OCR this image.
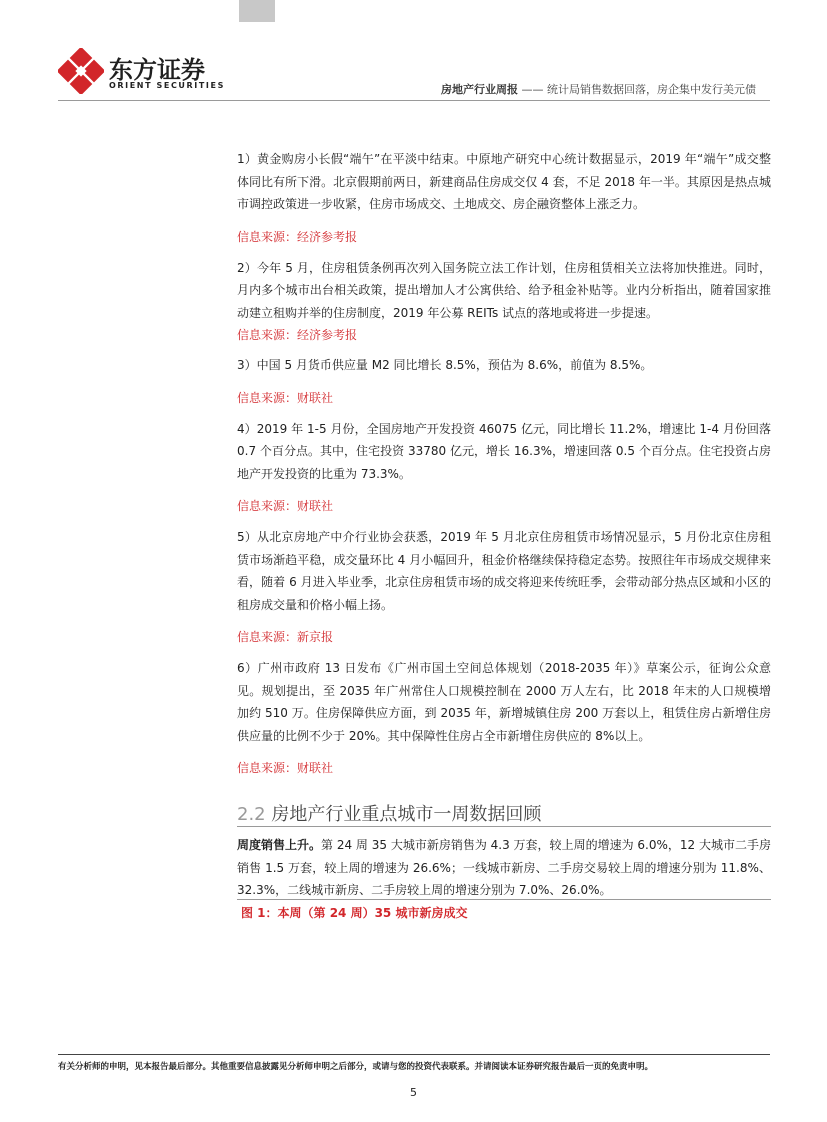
东方证券
ORIENT SECURITIES	房地产行业周报 —— 统计局销售数据回落，房企集中发行美元债

1）黄金购房小长假“端午”在平淡中结束。中原地产研究中心统计数据显示，2019 年“端午”成交整体同比有所下滑。北京假期前两日，新建商品住房成交仅 4 套，不足 2018 年一半。其原因是热点城市调控政策进一步收紧，住房市场成交、土地成交、房企融资整体上涨乏力。

信息来源：经济参考报

2）今年 5 月，住房租赁条例再次列入国务院立法工作计划，住房租赁相关立法将加快推进。同时，月内多个城市出台相关政策，提出增加人才公寓供给、给予租金补贴等。业内分析指出，随着国家推动建立租购并举的住房制度，2019 年公募 REITs 试点的落地或将进一步提速。

信息来源：经济参考报

3）中国 5 月货币供应量 M2 同比增长 8.5%，预估为 8.6%，前值为 8.5%。

信息来源：财联社

4）2019 年 1-5 月份，全国房地产开发投资 46075 亿元，同比增长 11.2%，增速比 1-4 月份回落 0.7 个百分点。其中，住宅投资 33780 亿元，增长 16.3%，增速回落 0.5 个百分点。住宅投资占房地产开发投资的比重为 73.3%。

信息来源：财联社

5）从北京房地产中介行业协会获悉，2019 年 5 月北京住房租赁市场情况显示，5 月份北京住房租赁市场渐趋平稳，成交量环比 4 月小幅回升，租金价格继续保持稳定态势。按照往年市场成交规律来看，随着 6 月进入毕业季，北京住房租赁市场的成交将迎来传统旺季，会带动部分热点区域和小区的租房成交量和价格小幅上扬。

信息来源：新京报

6）广州市政府 13 日发布《广州市国土空间总体规划（2018-2035 年）》草案公示，征询公众意见。规划提出，至 2035 年广州常住人口规模控制在 2000 万人左右，比 2018 年末的人口规模增加约 510 万。住房保障供应方面，到 2035 年，新增城镇住房 200 万套以上，租赁住房占新增住房供应量的比例不少于 20%。其中保障性住房占全市新增住房供应的 8%以上。

信息来源：财联社

2.2 房地产行业重点城市一周数据回顾
周度销售上升。第 24 周 35 大城市新房销售为 4.3 万套，较上周的增速为 6.0%，12 大城市二手房销售 1.5 万套，较上周的增速为 26.6%；一线城市新房、二手房交易较上周的增速分别为 11.8%、32.3%，二线城市新房、二手房较上周的增速分别为 7.0%、26.0%。
图 1：本周（第 24 周）35 城市新房成交
有关分析师的申明，见本报告最后部分。其他重要信息披露见分析师申明之后部分，或请与您的投资代表联系。并请阅读本证券研究报告最后一页的免责申明。
5
